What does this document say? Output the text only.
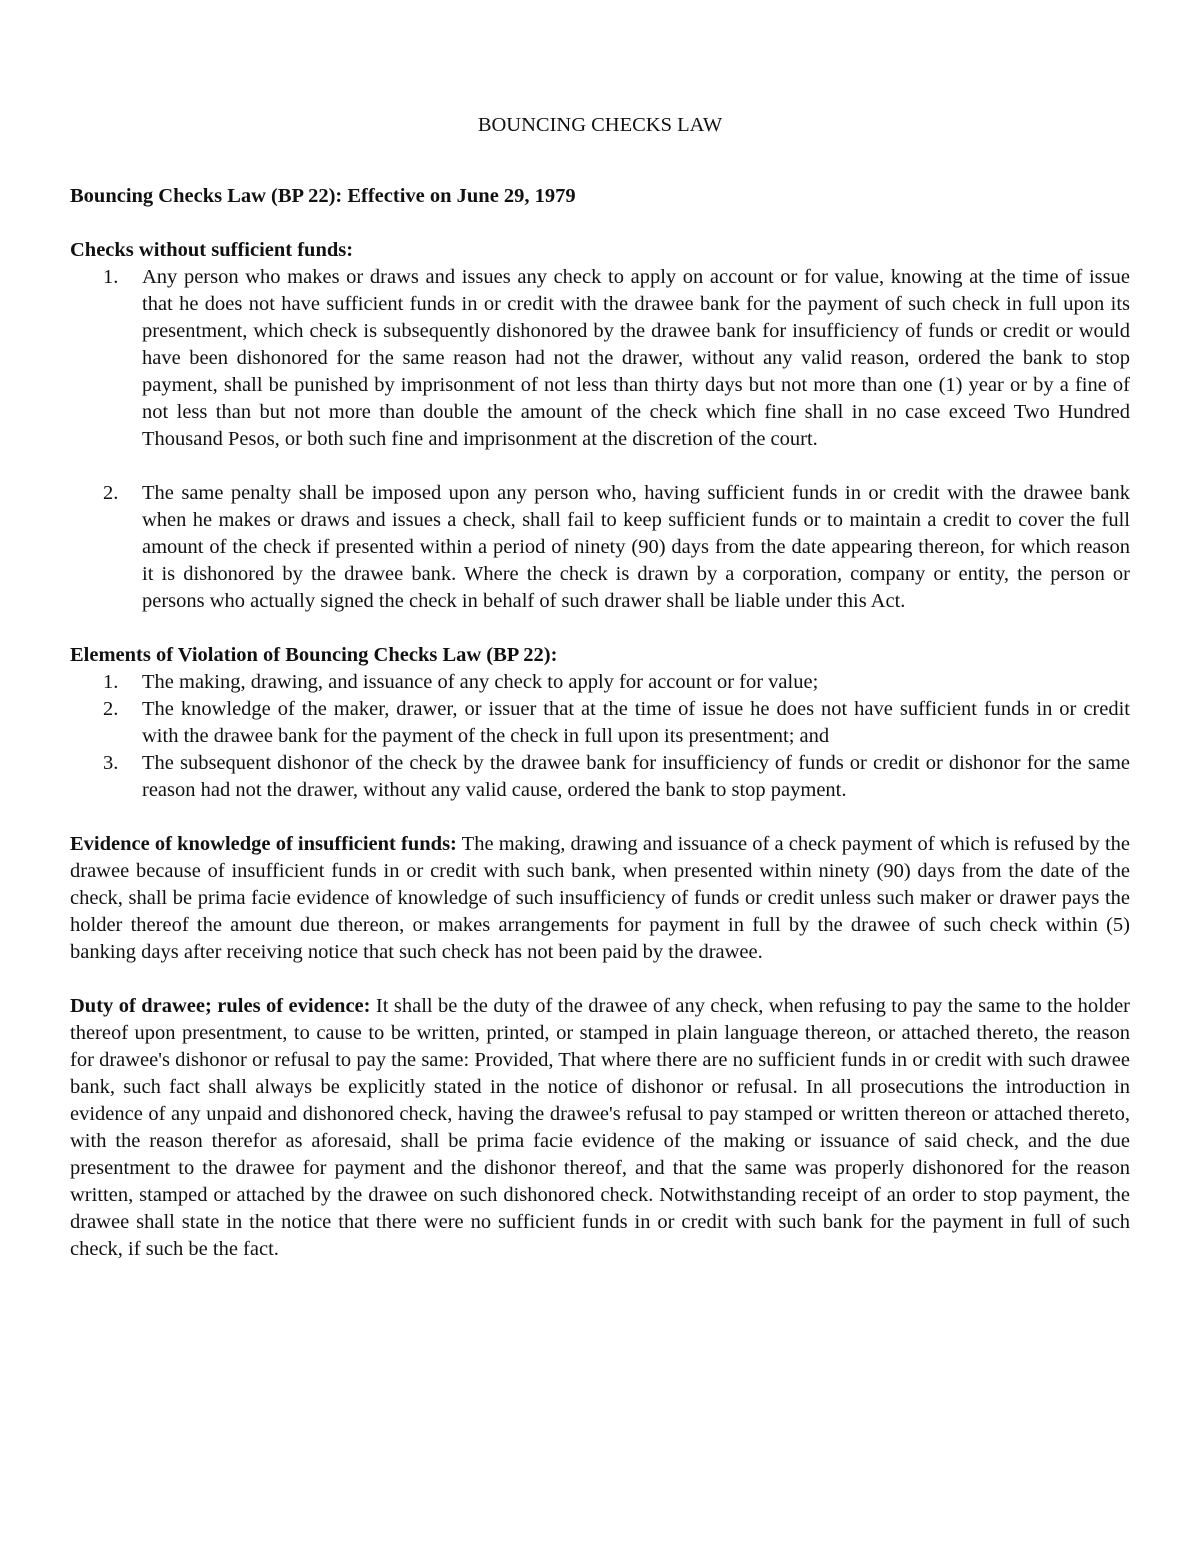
BOUNCING CHECKS LAW
Bouncing Checks Law (BP 22): Effective on June 29, 1979
Checks without sufficient funds:
1. Any person who makes or draws and issues any check to apply on account or for value, knowing at the time of issue that he does not have sufficient funds in or credit with the drawee bank for the payment of such check in full upon its presentment, which check is subsequently dishonored by the drawee bank for insufficiency of funds or credit or would have been dishonored for the same reason had not the drawer, without any valid reason, ordered the bank to stop payment, shall be punished by imprisonment of not less than thirty days but not more than one (1) year or by a fine of not less than but not more than double the amount of the check which fine shall in no case exceed Two Hundred Thousand Pesos, or both such fine and imprisonment at the discretion of the court.
2. The same penalty shall be imposed upon any person who, having sufficient funds in or credit with the drawee bank when he makes or draws and issues a check, shall fail to keep sufficient funds or to maintain a credit to cover the full amount of the check if presented within a period of ninety (90) days from the date appearing thereon, for which reason it is dishonored by the drawee bank. Where the check is drawn by a corporation, company or entity, the person or persons who actually signed the check in behalf of such drawer shall be liable under this Act.
Elements of Violation of Bouncing Checks Law (BP 22):
1. The making, drawing, and issuance of any check to apply for account or for value;
2. The knowledge of the maker, drawer, or issuer that at the time of issue he does not have sufficient funds in or credit with the drawee bank for the payment of the check in full upon its presentment; and
3. The subsequent dishonor of the check by the drawee bank for insufficiency of funds or credit or dishonor for the same reason had not the drawer, without any valid cause, ordered the bank to stop payment.

Evidence of knowledge of insufficient funds: The making, drawing and issuance of a check payment of which is refused by the drawee because of insufficient funds in or credit with such bank, when presented within ninety (90) days from the date of the check, shall be prima facie evidence of knowledge of such insufficiency of funds or credit unless such maker or drawer pays the holder thereof the amount due thereon, or makes arrangements for payment in full by the drawee of such check within (5) banking days after receiving notice that such check has not been paid by the drawee.

Duty of drawee; rules of evidence: It shall be the duty of the drawee of any check, when refusing to pay the same to the holder thereof upon presentment, to cause to be written, printed, or stamped in plain language thereon, or attached thereto, the reason for drawee's dishonor or refusal to pay the same: Provided, That where there are no sufficient funds in or credit with such drawee bank, such fact shall always be explicitly stated in the notice of dishonor or refusal. In all prosecutions the introduction in evidence of any unpaid and dishonored check, having the drawee's refusal to pay stamped or written thereon or attached thereto, with the reason therefor as aforesaid, shall be prima facie evidence of the making or issuance of said check, and the due presentment to the drawee for payment and the dishonor thereof, and that the same was properly dishonored for the reason written, stamped or attached by the drawee on such dishonored check. Notwithstanding receipt of an order to stop payment, the drawee shall state in the notice that there were no sufficient funds in or credit with such bank for the payment in full of such check, if such be the fact.
